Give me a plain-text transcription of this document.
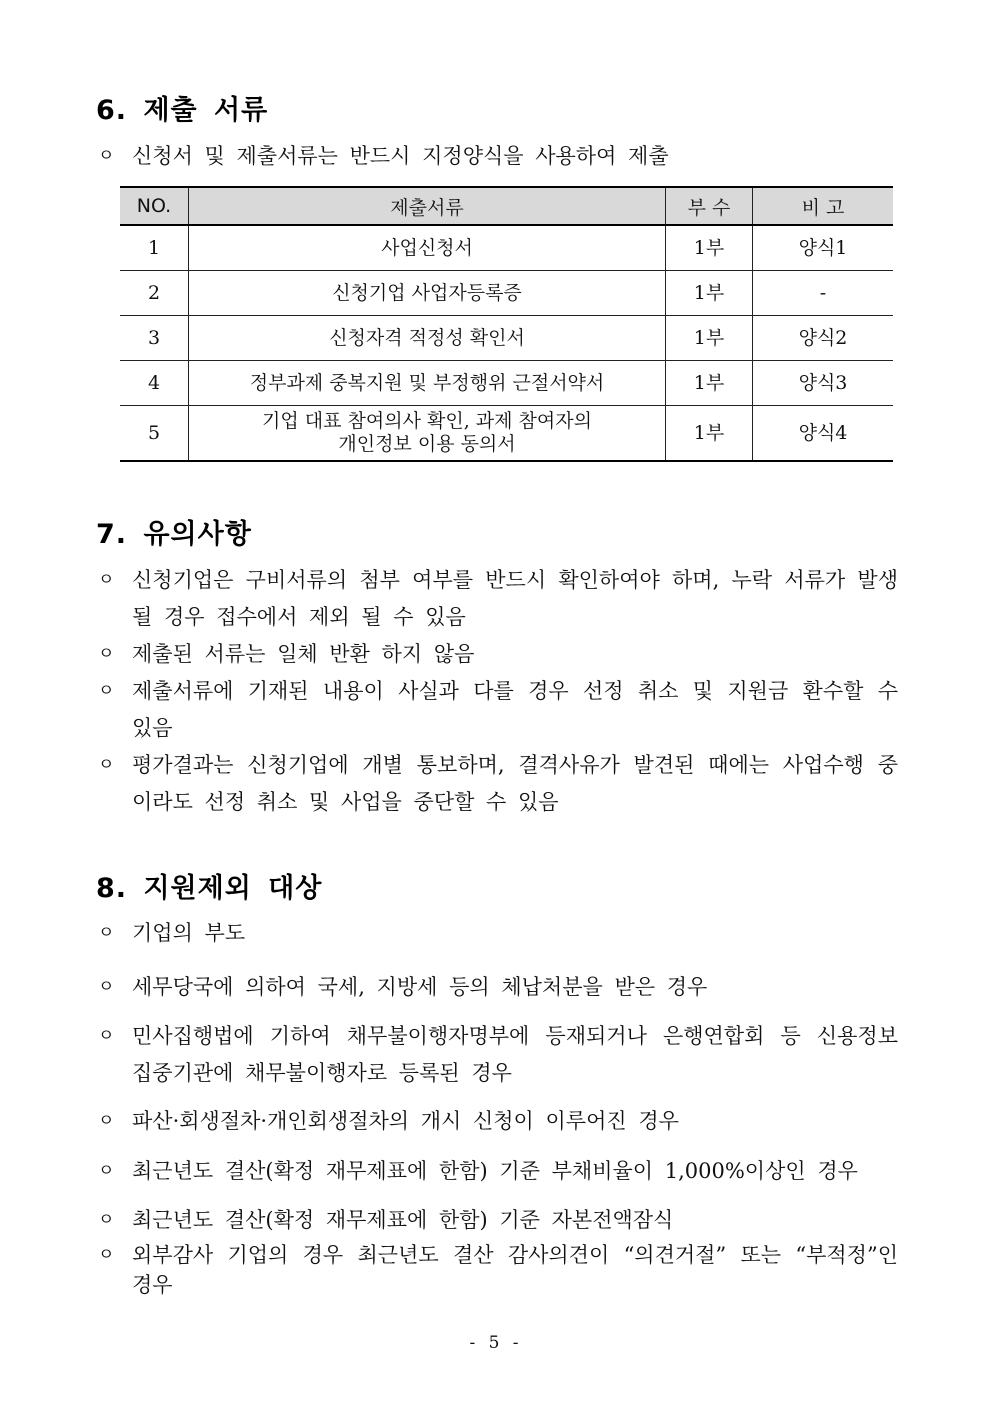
6. 제출 서류
ㅇ 신청서 및 제출서류는 반드시 지정양식을 사용하여 제출
NO.	제출서류	부 수	비 고
1	사업신청서	1부	양식1
2	신청기업 사업자등록증	1부	-
3	신청자격 적정성 확인서	1부	양식2
4	정부과제 중복지원 및 부정행위 근절서약서	1부	양식3
5	기업 대표 참여의사 확인, 과제 참여자의
개인정보 이용 동의서	1부	양식4
7. 유의사항
ㅇ 신청기업은 구비서류의 첨부 여부를 반드시 확인하여야 하며, 누락 서류가 발생될 경우 접수에서 제외 될 수 있음
ㅇ 제출된 서류는 일체 반환 하지 않음
ㅇ 제출서류에 기재된 내용이 사실과 다를 경우 선정 취소 및 지원금 환수할 수 있음
ㅇ 평가결과는 신청기업에 개별 통보하며, 결격사유가 발견된 때에는 사업수행 중이라도 선정 취소 및 사업을 중단할 수 있음
8. 지원제외 대상
ㅇ 기업의 부도
ㅇ 세무당국에 의하여 국세, 지방세 등의 체납처분을 받은 경우
ㅇ 민사집행법에 기하여 채무불이행자명부에 등재되거나 은행연합회 등 신용정보 집중기관에 채무불이행자로 등록된 경우
ㅇ 파산·회생절차·개인회생절차의 개시 신청이 이루어진 경우
ㅇ 최근년도 결산(확정 재무제표에 한함) 기준 부채비율이 1,000%이상인 경우
ㅇ 최근년도 결산(확정 재무제표에 한함) 기준 자본전액잠식
ㅇ 외부감사 기업의 경우 최근년도 결산 감사의견이 “의견거절” 또는 “부적정”인 경우
- 5 -
